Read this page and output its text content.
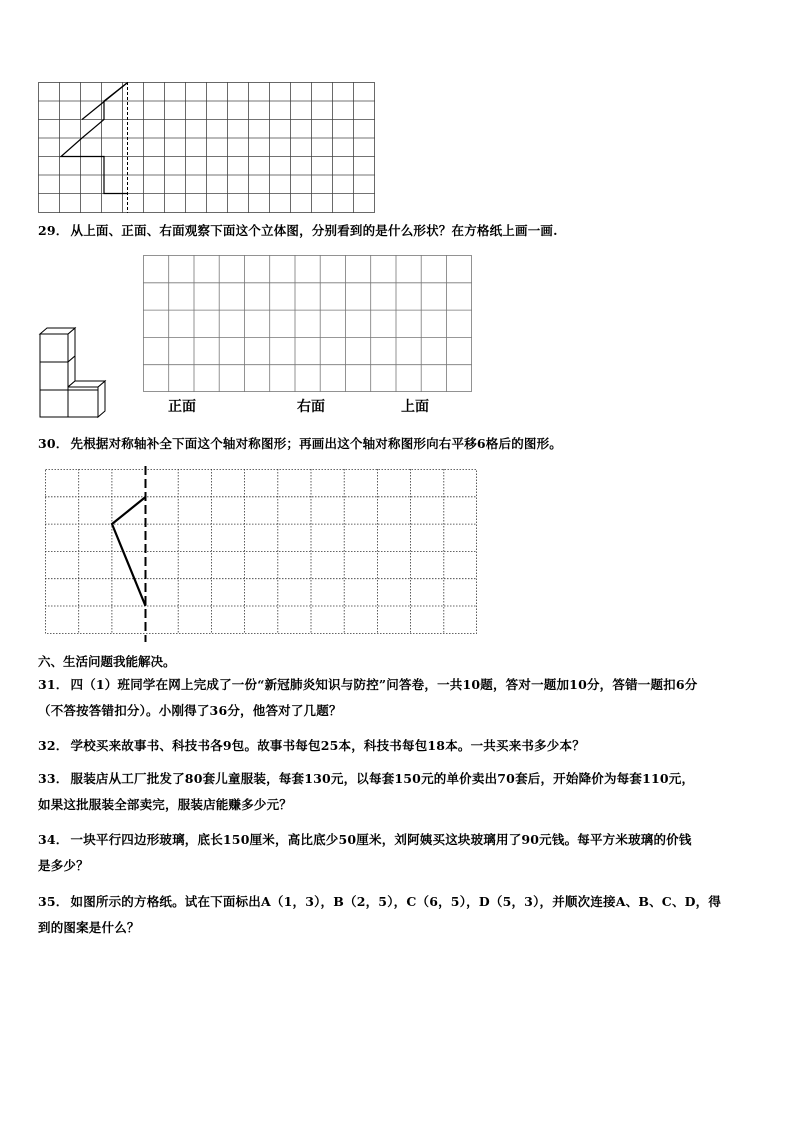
29． 从上面、正面、右面观察下面这个立体图，分别看到的是什么形状？在方格纸上画一画.

正面	右面	上面

30． 先根据对称轴补全下面这个轴对称图形；再画出这个轴对称图形向右平移6格后的图形。

六、生活问题我能解决。

31． 四（1）班同学在网上完成了一份“新冠肺炎知识与防控”问答卷，一共10题，答对一题加10分，答错一题扣6分
（不答按答错扣分）。小刚得了36分，他答对了几题？

32． 学校买来故事书、科技书各9包。故事书每包25本，科技书每包18本。一共买来书多少本？

33． 服装店从工厂批发了80套儿童服装，每套130元，以每套150元的单价卖出70套后，开始降价为每套110元，
如果这批服装全部卖完，服装店能赚多少元？

34． 一块平行四边形玻璃，底长150厘米，高比底少50厘米，刘阿姨买这块玻璃用了90元钱。每平方米玻璃的价钱
是多少？

35． 如图所示的方格纸。试在下面标出A（1，3），B（2，5），C（6，5），D（5，3），并顺次连接A、B、C、D，得
到的图案是什么？
